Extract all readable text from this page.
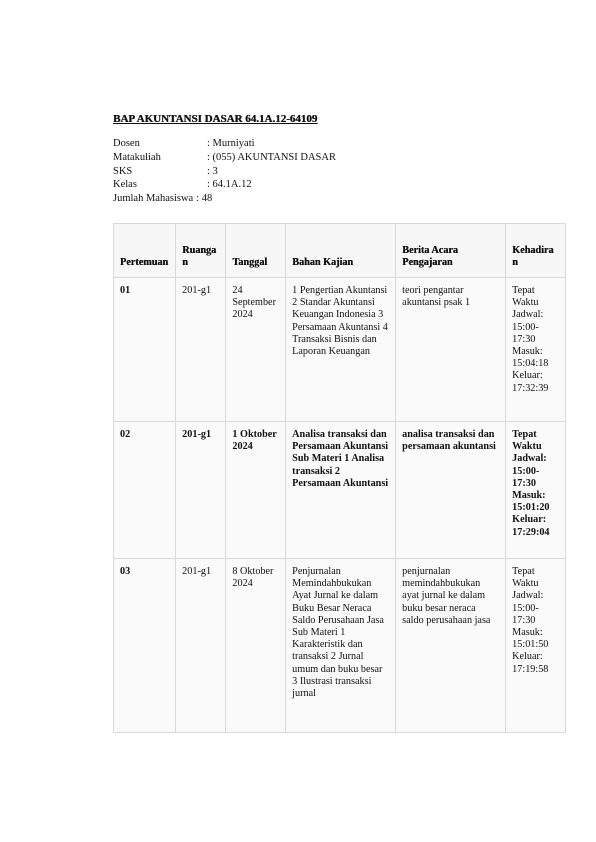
BAP AKUNTANSI DASAR 64.1A.12-64109
Dosen	: Murniyati
Matakuliah	: (055) AKUNTANSI DASAR
SKS	: 3
Kelas	: 64.1A.12
Jumlah Mahasiswa : 48
Pertemuan	Ruangan	Tanggal	Bahan Kajian	Berita Acara Pengajaran	Kehadiran
01	201-g1	24 September 2024	1 Pengertian Akuntansi 2 Standar Akuntansi Keuangan Indonesia 3 Persamaan Akuntansi 4 Transaksi Bisnis dan Laporan Keuangan	teori pengantar akuntansi psak 1	Tepat Waktu Jadwal: 15:00-17:30 Masuk: 15:04:18 Keluar: 17:32:39
02	201-g1	1 Oktober 2024	Analisa transaksi dan Persamaan Akuntansi Sub Materi 1 Analisa transaksi 2 Persamaan Akuntansi	analisa transaksi dan persamaan akuntansi	Tepat Waktu Jadwal: 15:00-17:30 Masuk: 15:01:20 Keluar: 17:29:04
03	201-g1	8 Oktober 2024	Penjurnalan Memindahbukukan Ayat Jurnal ke dalam Buku Besar Neraca Saldo Perusahaan Jasa Sub Materi 1 Karakteristik dan transaksi 2 Jurnal umum dan buku besar 3 Ilustrasi transaksi jurnal	penjurnalan memindahbukukan ayat jurnal ke dalam buku besar neraca saldo perusahaan jasa	Tepat Waktu Jadwal: 15:00-17:30 Masuk: 15:01:50 Keluar: 17:19:58
